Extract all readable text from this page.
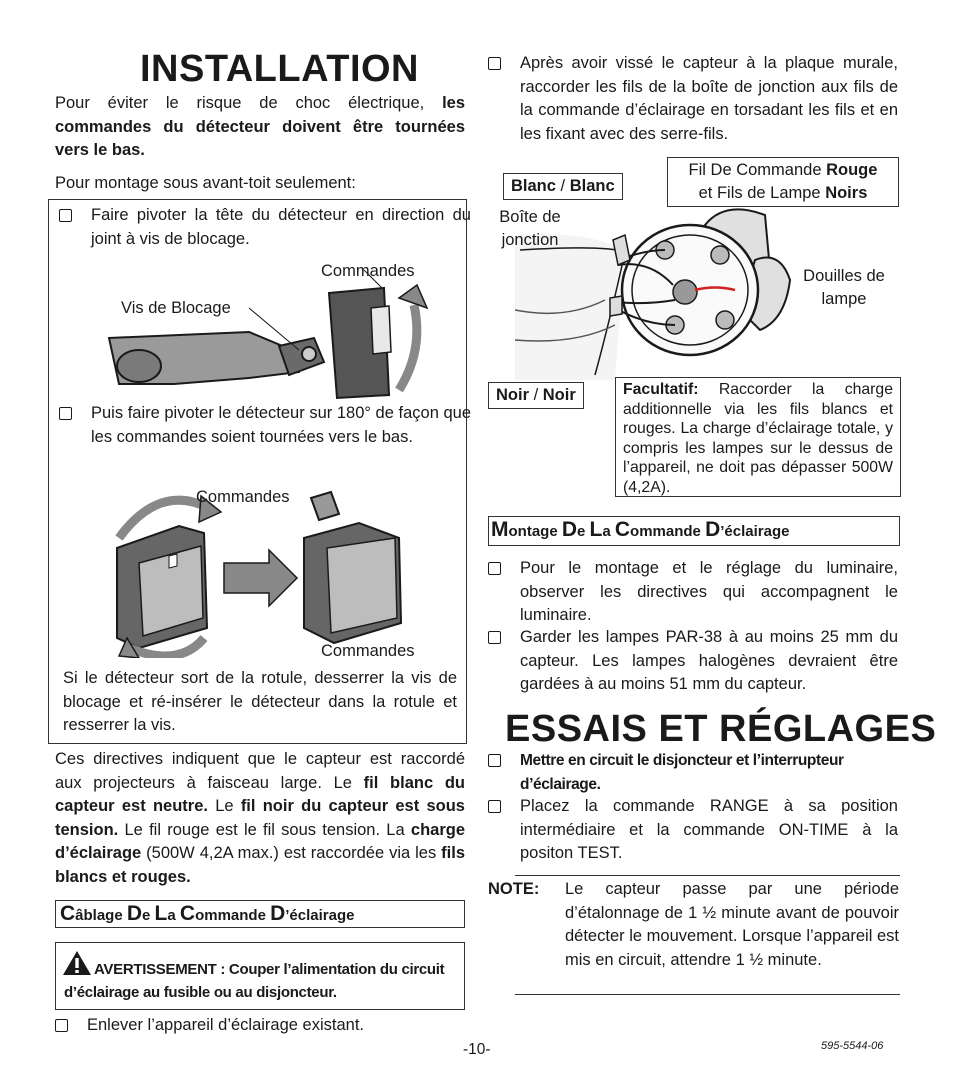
INSTALLATION
Pour éviter le risque de choc électrique, les commandes du détecteur doivent être tournées vers le bas.
Pour montage sous avant-toit seulement:
Faire pivoter la tête du détecteur en direction du joint à vis de blocage.
Commandes
Vis de Blocage
Puis faire pivoter le détecteur sur 180° de façon que les commandes soient tournées vers le bas.
Commandes
Commandes
Si le détecteur sort de la rotule, desserrer la vis de blocage et ré-insérer le détecteur dans la rotule et resserrer la vis.
Ces directives indiquent que le capteur est raccordé aux projecteurs à faisceau large. Le fil blanc du capteur est neutre. Le fil noir du capteur est sous tension. Le fil rouge est le fil sous tension. La charge d’éclairage (500W 4,2A max.) est raccordée via les fils blancs et rouges.
Câblage De La Commande D’éclairage
AVERTISSEMENT : Couper l’alimentation du circuit d’éclairage au fusible ou au disjoncteur.
Enlever l’appareil d’éclairage existant.
Après avoir vissé le capteur à la plaque murale, raccorder les fils de la boîte de jonction aux fils de la commande d’éclairage en torsadant les fils et en les fixant avec des serre-fils.
Blanc / Blanc
Fil De Commande Rouge
et Fils de Lampe Noirs
Boîte de jonction
Douilles de lampe
Noir / Noir	Facultatif: Raccorder la charge additionnelle via les fils blancs et rouges. La charge d’éclairage totale, y compris les lampes sur le dessus de l’appareil, ne doit pas dépasser 500W (4,2A).
Montage De La Commande D’éclairage
Pour le montage et le réglage du luminaire, observer les directives qui accompagnent le luminaire.
Garder les lampes PAR-38 à au moins 25 mm du capteur. Les lampes halogènes devraient être gardées à au moins 51 mm du capteur.
ESSAIS ET RÉGLAGES
Mettre en circuit le disjoncteur et l’interrupteur d’éclairage.
Placez la commande RANGE à sa position intermédiaire et la commande ON-TIME à la positon TEST.
NOTE: Le capteur passe par une période d’étalonnage de 1 ½ minute avant de pouvoir détecter le mouvement. Lorsque l’appareil est mis en circuit, attendre 1 ½ minute.
-10-	595-5544-06
